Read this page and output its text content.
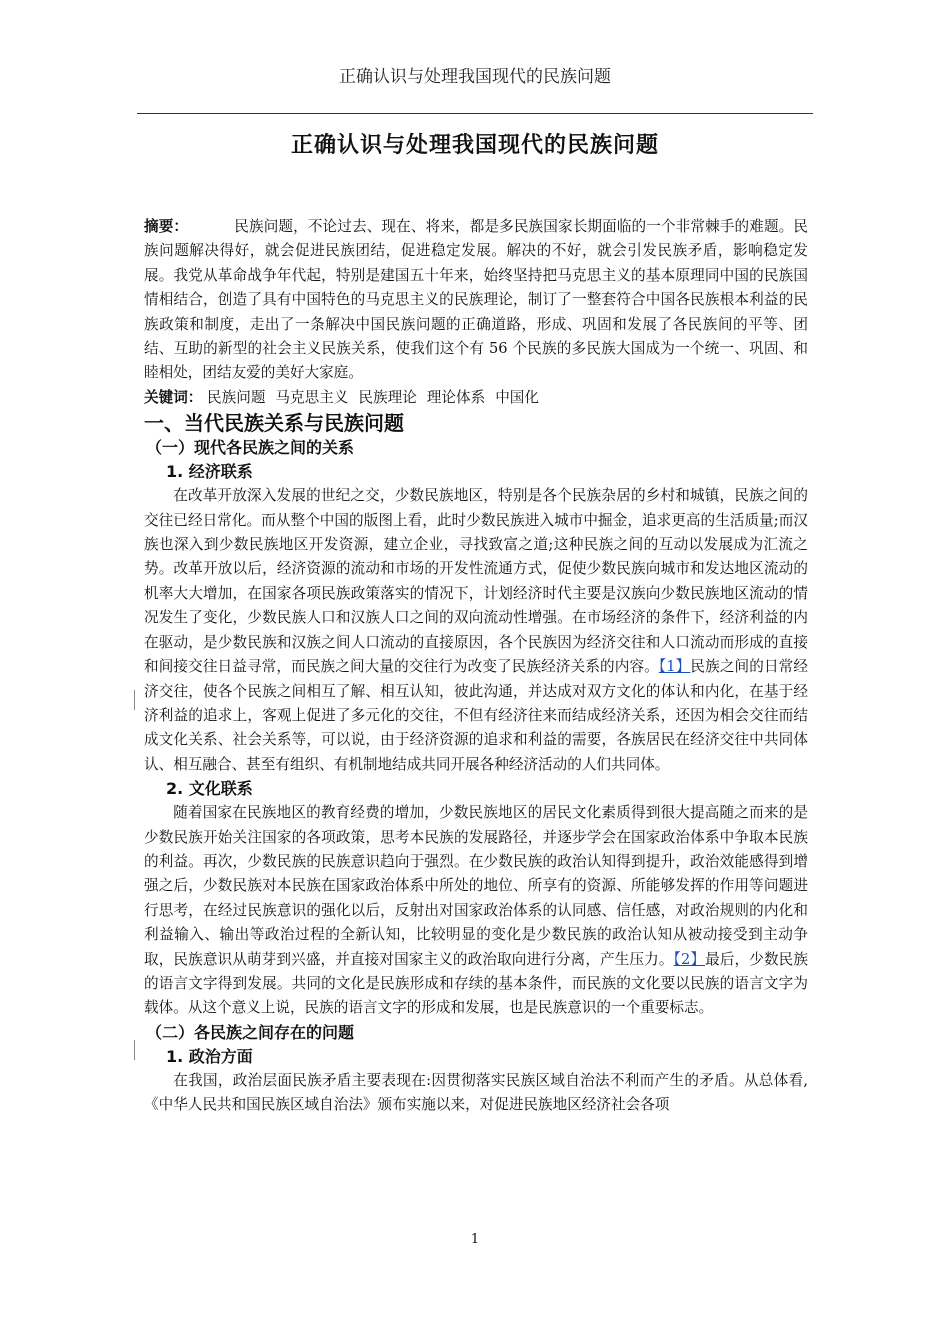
正确认识与处理我国现代的民族问题
正确认识与处理我国现代的民族问题

摘要：	民族问题，不论过去、现在、将来，都是多民族国家长期面临的一个非常棘手的难题。民族问题解决得好，就会促进民族团结，促进稳定发展。解决的不好，就会引发民族矛盾，影响稳定发展。我党从革命战争年代起，特别是建国五十年来，始终坚持把马克思主义的基本原理同中国的民族国情相结合，创造了具有中国特色的马克思主义的民族理论，制订了一整套符合中国各民族根本利益的民族政策和制度，走出了一条解决中国民族问题的正确道路，形成、巩固和发展了各民族间的平等、团结、互助的新型的社会主义民族关系，使我们这个有 56 个民族的多民族大国成为一个统一、巩固、和睦相处，团结友爱的美好大家庭。

关键词： 民族问题 马克思主义 民族理论 理论体系 中国化

一、当代民族关系与民族问题

（一）现代各民族之间的关系

1. 经济联系

在改革开放深入发展的世纪之交，少数民族地区，特别是各个民族杂居的乡村和城镇，民族之间的交往已经日常化。而从整个中国的版图上看，此时少数民族进入城市中掘金，追求更高的生活质量;而汉族也深入到少数民族地区开发资源，建立企业，寻找致富之道;这种民族之间的互动以发展成为汇流之势。改革开放以后，经济资源的流动和市场的开发性流通方式，促使少数民族向城市和发达地区流动的机率大大增加，在国家各项民族政策落实的情况下，计划经济时代主要是汉族向少数民族地区流动的情况发生了变化，少数民族人口和汉族人口之间的双向流动性增强。在市场经济的条件下，经济利益的内在驱动，是少数民族和汉族之间人口流动的直接原因，各个民族因为经济交往和人口流动而形成的直接和间接交往日益寻常，而民族之间大量的交往行为改变了民族经济关系的内容。【1】民族之间的日常经济交往，使各个民族之间相互了解、相互认知，彼此沟通，并达成对双方文化的体认和内化，在基于经济利益的追求上，客观上促进了多元化的交往，不但有经济往来而结成经济关系，还因为相会交往而结成文化关系、社会关系等，可以说，由于经济资源的追求和利益的需要，各族居民在经济交往中共同体认、相互融合、甚至有组织、有机制地结成共同开展各种经济活动的人们共同体。

2. 文化联系

随着国家在民族地区的教育经费的增加，少数民族地区的居民文化素质得到很大提高随之而来的是少数民族开始关注国家的各项政策，思考本民族的发展路径，并逐步学会在国家政治体系中争取本民族的利益。再次，少数民族的民族意识趋向于强烈。在少数民族的政治认知得到提升，政治效能感得到增强之后，少数民族对本民族在国家政治体系中所处的地位、所享有的资源、所能够发挥的作用等问题进行思考，在经过民族意识的强化以后，反射出对国家政治体系的认同感、信任感，对政治规则的内化和利益输入、输出等政治过程的全新认知，比较明显的变化是少数民族的政治认知从被动接受到主动争取，民族意识从萌芽到兴盛，并直接对国家主义的政治取向进行分离，产生压力。【2】最后，少数民族的语言文字得到发展。共同的文化是民族形成和存续的基本条件，而民族的文化要以民族的语言文字为载体。从这个意义上说，民族的语言文字的形成和发展，也是民族意识的一个重要标志。

（二）各民族之间存在的问题

1. 政治方面

在我国，政治层面民族矛盾主要表现在:因贯彻落实民族区域自治法不利而产生的矛盾。从总体看,《中华人民共和国民族区域自治法》颁布实施以来，对促进民族地区经济社会各项

1
